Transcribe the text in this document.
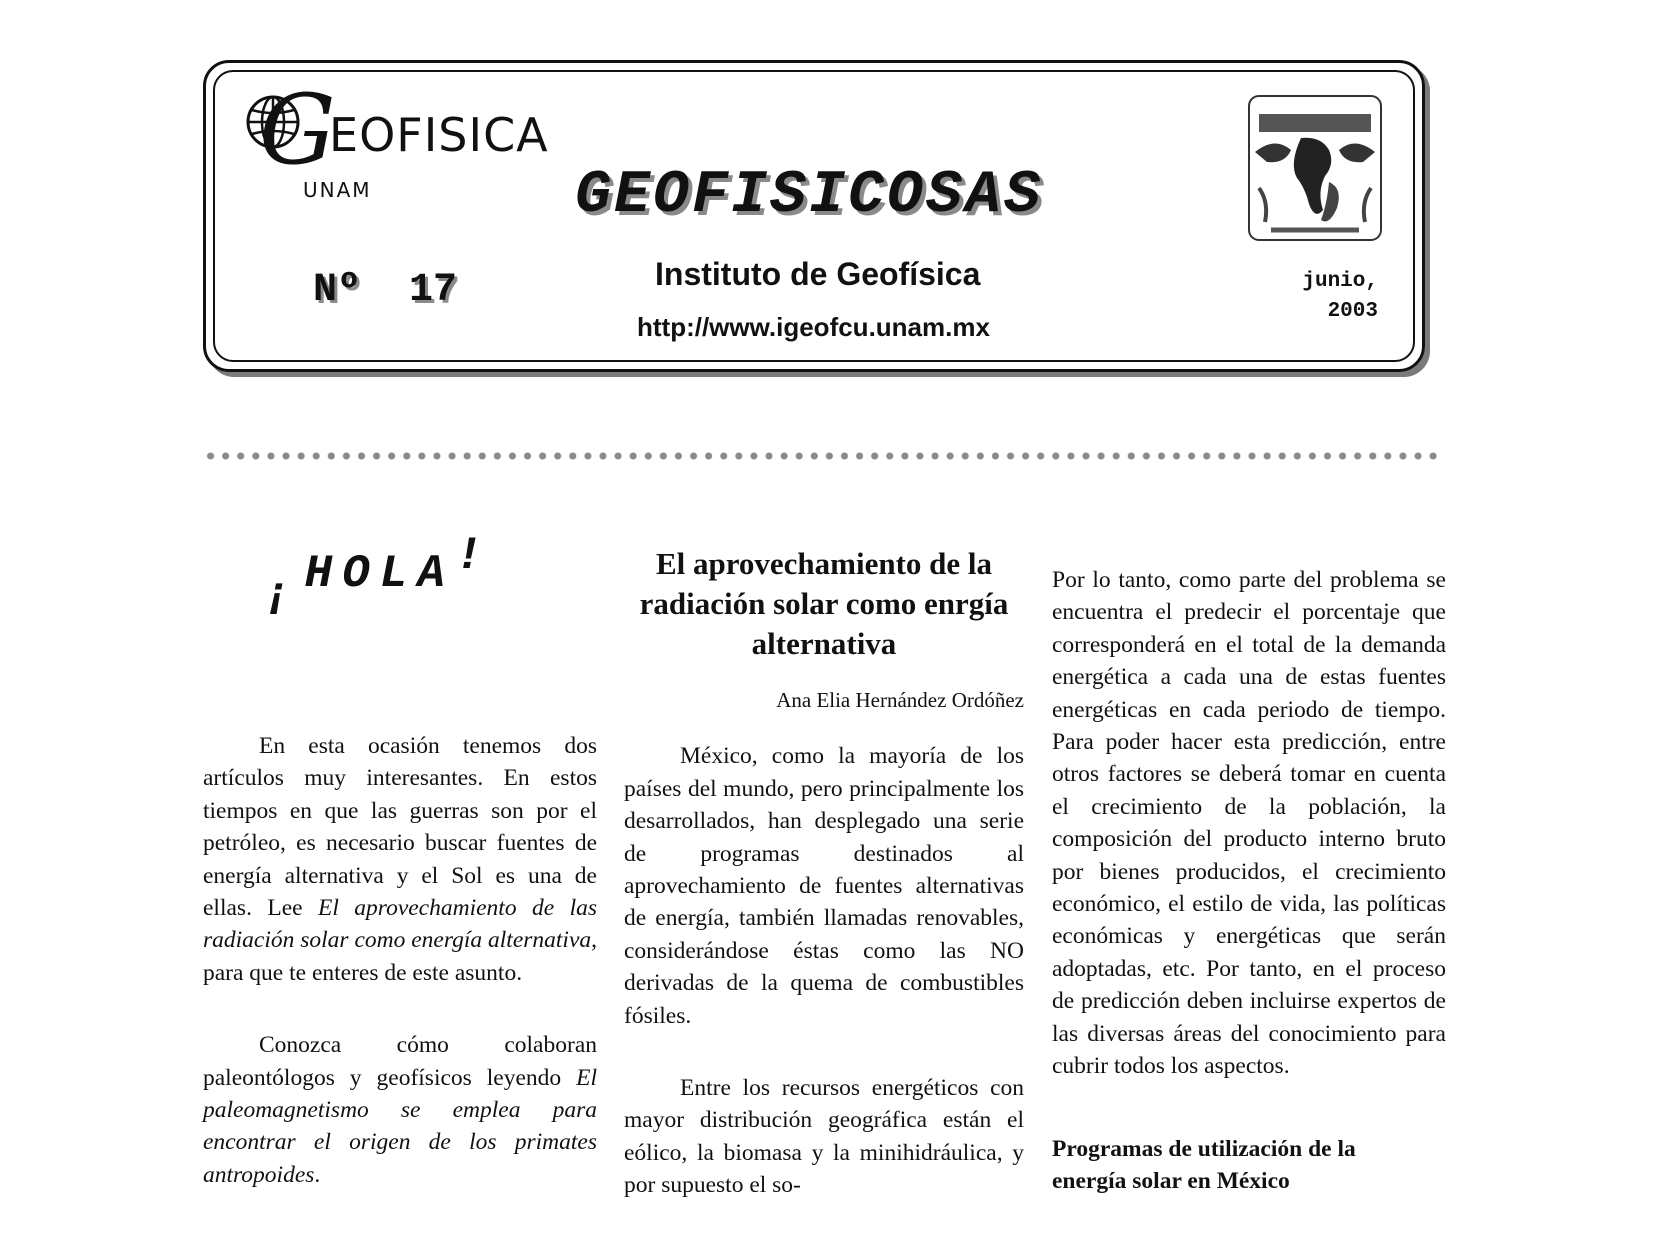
G
EOFISICA
UNAM	GEOFISICOSAS
Nº 17	Instituto de Geofísica
http://www.igeofcu.unam.mx
junio,
2003
¡ HOLA!

En esta ocasión tenemos dos artículos muy interesantes. En estos tiempos en que las guerras son por el petróleo, es necesario buscar fuentes de energía alternativa y el Sol es una de ellas. Lee El aprovechamiento de las radiación solar como energía alternativa, para que te enteres de este asunto.

Conozca cómo colaboran paleontólogos y geofísicos leyendo El paleomagnetismo se emplea para encontrar el origen de los primates antropoides.

El aprovechamiento de la radiación solar como enrgía alternativa
Ana Elia Hernández Ordóñez

México, como la mayoría de los países del mundo, pero principalmente los desarrollados, han desplegado una serie de programas destinados al aprovechamiento de fuentes alternativas de energía, también llamadas renovables, considerándose éstas como las NO derivadas de la quema de combustibles fósiles.

Entre los recursos energéticos con mayor distribución geográfica están el eólico, la biomasa y la minihidráulica, y por supuesto el so-

Por lo tanto, como parte del problema se encuentra el predecir el porcentaje que corresponderá en el total de la demanda energética a cada una de estas fuentes energéticas en cada periodo de tiempo. Para poder hacer esta predicción, entre otros factores se deberá tomar en cuenta el crecimiento de la población, la composición del producto interno bruto por bienes producidos, el crecimiento económico, el estilo de vida, las políticas económicas y energéticas que serán adoptadas, etc. Por tanto, en el proceso de predicción deben incluirse expertos de las diversas áreas del conocimiento para cubrir todos los aspectos.

Programas de utilización de la
energía solar en México
